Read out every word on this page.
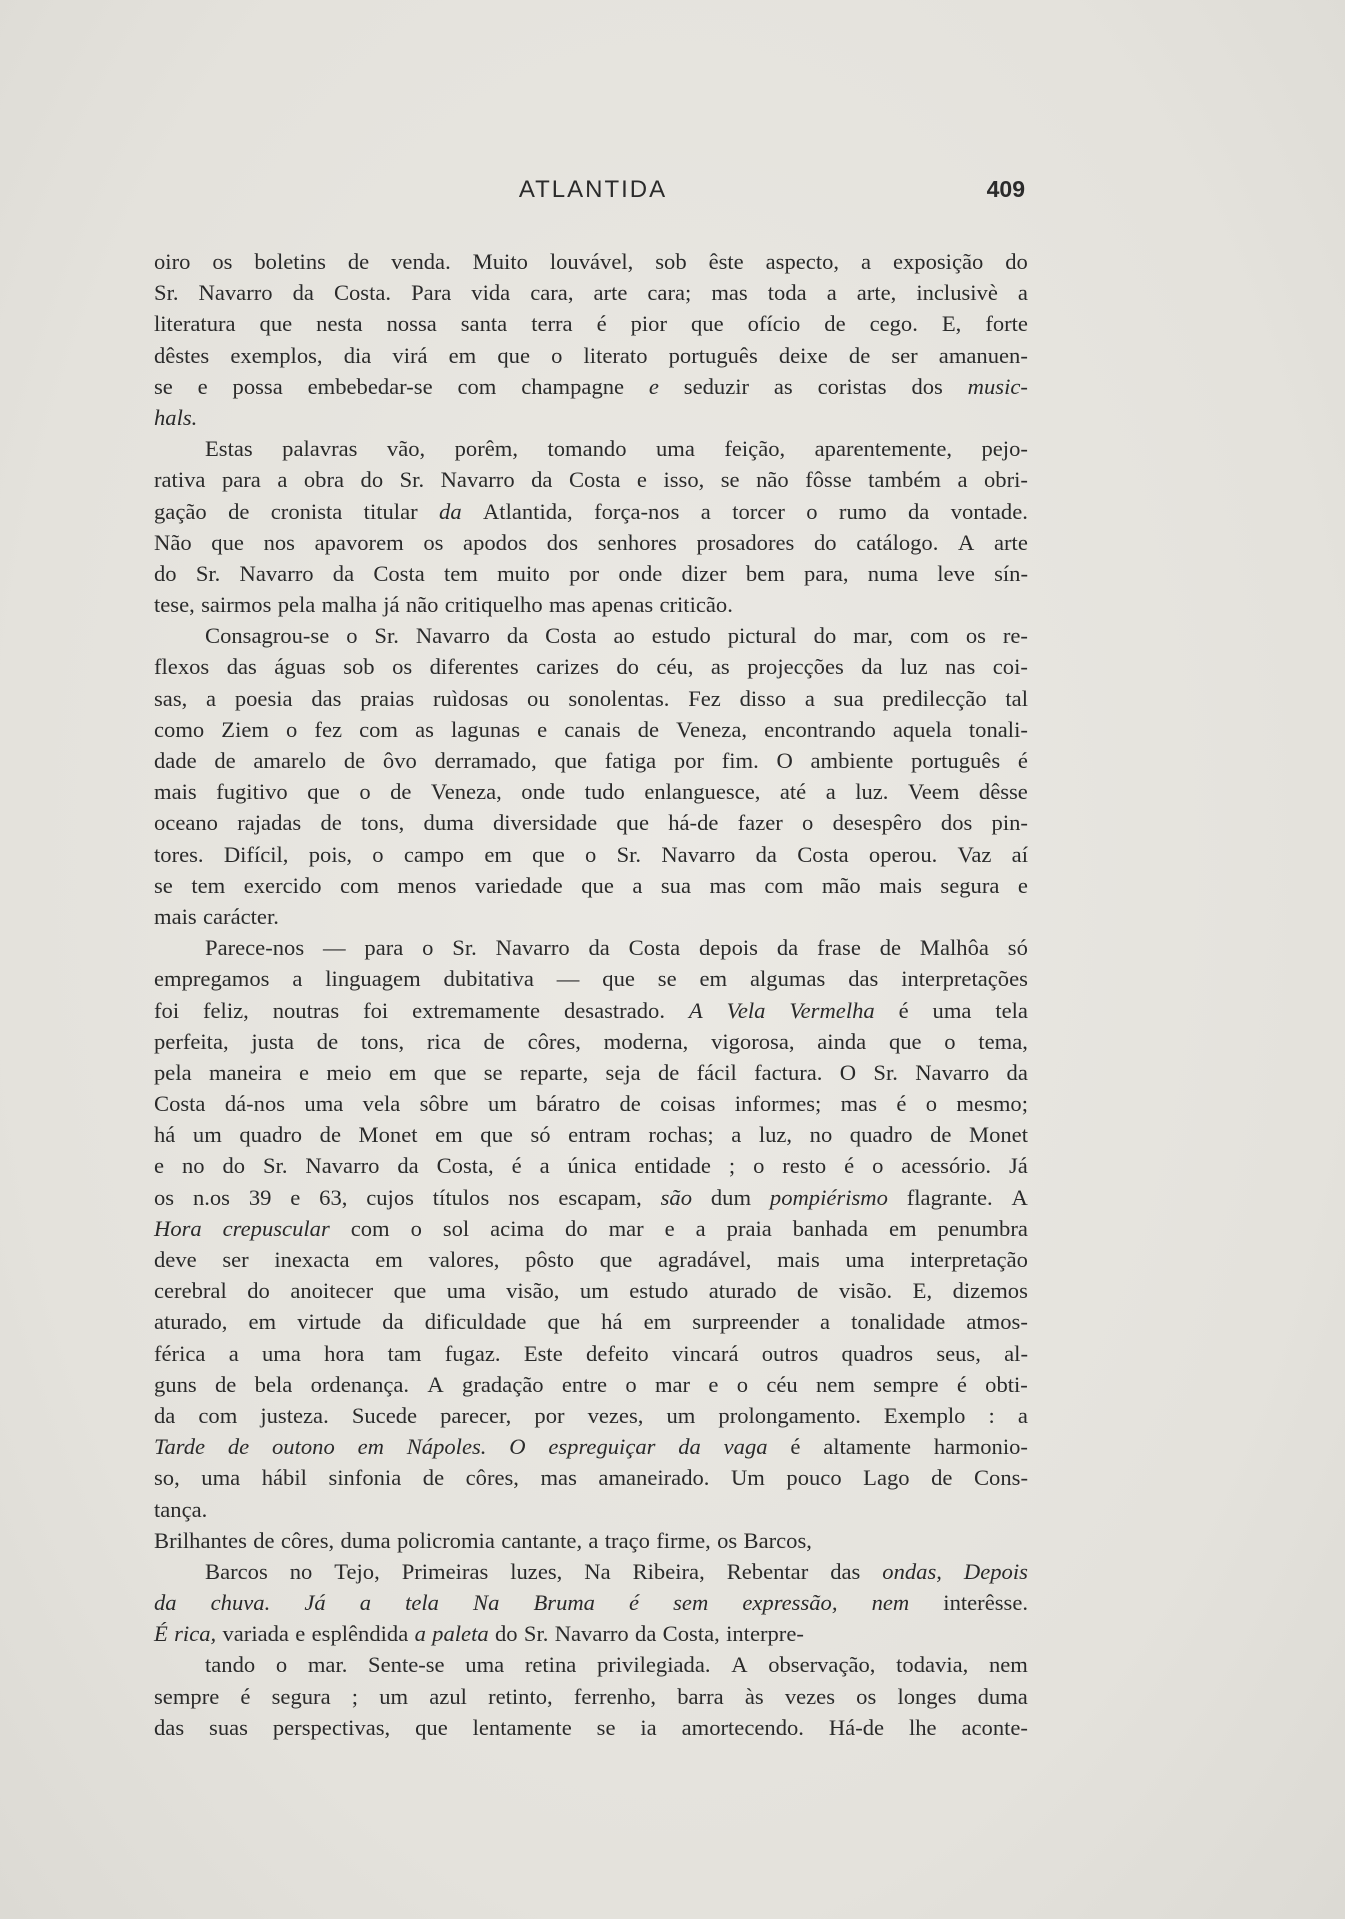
ATLANTIDA	409
oiro os boletins de venda. Muito louvável, sob êste aspecto, a exposição do
Sr. Navarro da Costa. Para vida cara, arte cara; mas toda a arte, inclusivè a
literatura que nesta nossa santa terra é pior que ofício de cego. E, forte
dêstes exemplos, dia virá em que o literato português deixe de ser amanuen-
se e possa embebedar-se com champagne e seduzir as coristas dos music-
hals.
Estas palavras vão, porêm, tomando uma feição, aparentemente, pejo-
rativa para a obra do Sr. Navarro da Costa e isso, se não fôsse também a obri-
gação de cronista titular da Atlantida, força-nos a torcer o rumo da vontade.
Não que nos apavorem os apodos dos senhores prosadores do catálogo. A arte
do Sr. Navarro da Costa tem muito por onde dizer bem para, numa leve sín-
tese, sairmos pela malha já não critiquelho mas apenas criticão.
Consagrou-se o Sr. Navarro da Costa ao estudo pictural do mar, com os re-
flexos das águas sob os diferentes carizes do céu, as projecções da luz nas coi-
sas, a poesia das praias ruìdosas ou sonolentas. Fez disso a sua predilecção tal
como Ziem o fez com as lagunas e canais de Veneza, encontrando aquela tonali-
dade de amarelo de ôvo derramado, que fatiga por fim. O ambiente português é
mais fugitivo que o de Veneza, onde tudo enlanguesce, até a luz. Veem dêsse
oceano rajadas de tons, duma diversidade que há-de fazer o desespêro dos pin-
tores. Difícil, pois, o campo em que o Sr. Navarro da Costa operou. Vaz aí
se tem exercido com menos variedade que a sua mas com mão mais segura e
mais carácter.
Parece-nos — para o Sr. Navarro da Costa depois da frase de Malhôa só
empregamos a linguagem dubitativa — que se em algumas das interpretações
foi feliz, noutras foi extremamente desastrado. A Vela Vermelha é uma tela
perfeita, justa de tons, rica de côres, moderna, vigorosa, ainda que o tema,
pela maneira e meio em que se reparte, seja de fácil factura. O Sr. Navarro da
Costa dá-nos uma vela sôbre um báratro de coisas informes; mas é o mesmo;
há um quadro de Monet em que só entram rochas; a luz, no quadro de Monet
e no do Sr. Navarro da Costa, é a única entidade ; o resto é o acessório. Já
os n.os 39 e 63, cujos títulos nos escapam, são dum pompiérismo flagrante. A
Hora crepuscular com o sol acima do mar e a praia banhada em penumbra
deve ser inexacta em valores, pôsto que agradável, mais uma interpretação
cerebral do anoitecer que uma visão, um estudo aturado de visão. E, dizemos
aturado, em virtude da dificuldade que há em surpreender a tonalidade atmos-
férica a uma hora tam fugaz. Este defeito vincará outros quadros seus, al-
guns de bela ordenança. A gradação entre o mar e o céu nem sempre é obti-
da com justeza. Sucede parecer, por vezes, um prolongamento. Exemplo : a
Tarde de outono em Nápoles. O espreguiçar da vaga é altamente harmonio-
so, uma hábil sinfonia de côres, mas amaneirado. Um pouco Lago de Cons-
tança.
Brilhantes de côres, duma policromia cantante, a traço firme, os Barcos,
Barcos no Tejo, Primeiras luzes, Na Ribeira, Rebentar das ondas, Depois
da chuva. Já a tela Na Bruma é sem expressão, nem interêsse.
É rica, variada e esplêndida a paleta do Sr. Navarro da Costa, interpre-
tando o mar. Sente-se uma retina privilegiada. A observação, todavia, nem
sempre é segura ; um azul retinto, ferrenho, barra às vezes os longes duma
das suas perspectivas, que lentamente se ia amortecendo. Há-de lhe aconte-
